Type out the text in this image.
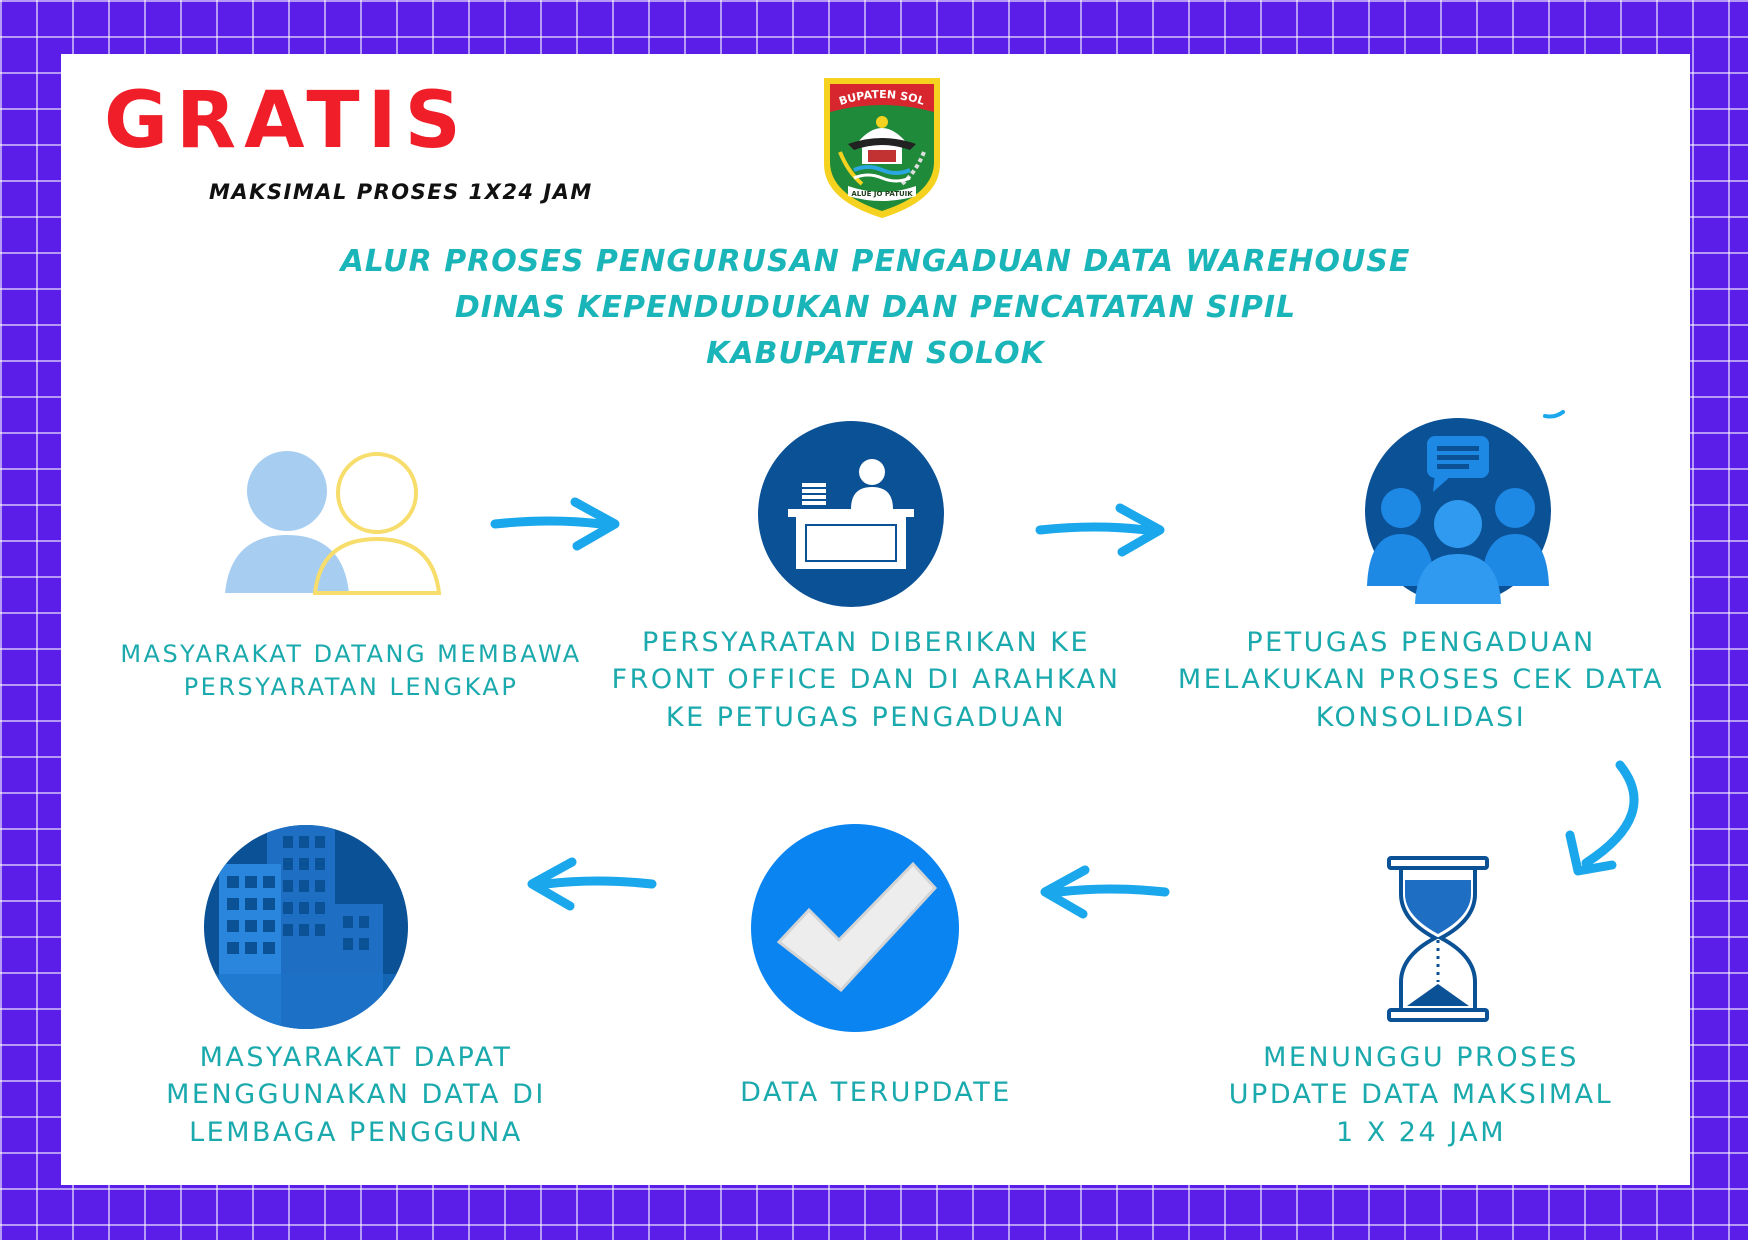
GRATIS
MAKSIMAL PROSES 1X24 JAM
KABUPATEN SOLOK
ALUE JO PATUIK
ALUR PROSES PENGURUSAN PENGADUAN DATA WAREHOUSE
DINAS KEPENDUDUKAN DAN PENCATATAN SIPIL
KABUPATEN SOLOK
MASYARAKAT DATANG MEMBAWA
PERSYARATAN LENGKAP
PERSYARATAN DIBERIKAN KE
FRONT OFFICE DAN DI ARAHKAN
KE PETUGAS PENGADUAN
PETUGAS PENGADUAN
MELAKUKAN PROSES CEK DATA
KONSOLIDASI
MENUNGGU PROSES
UPDATE DATA MAKSIMAL
1 X 24 JAM
DATA TERUPDATE
MASYARAKAT DAPAT
MENGGUNAKAN DATA DI
LEMBAGA PENGGUNA
